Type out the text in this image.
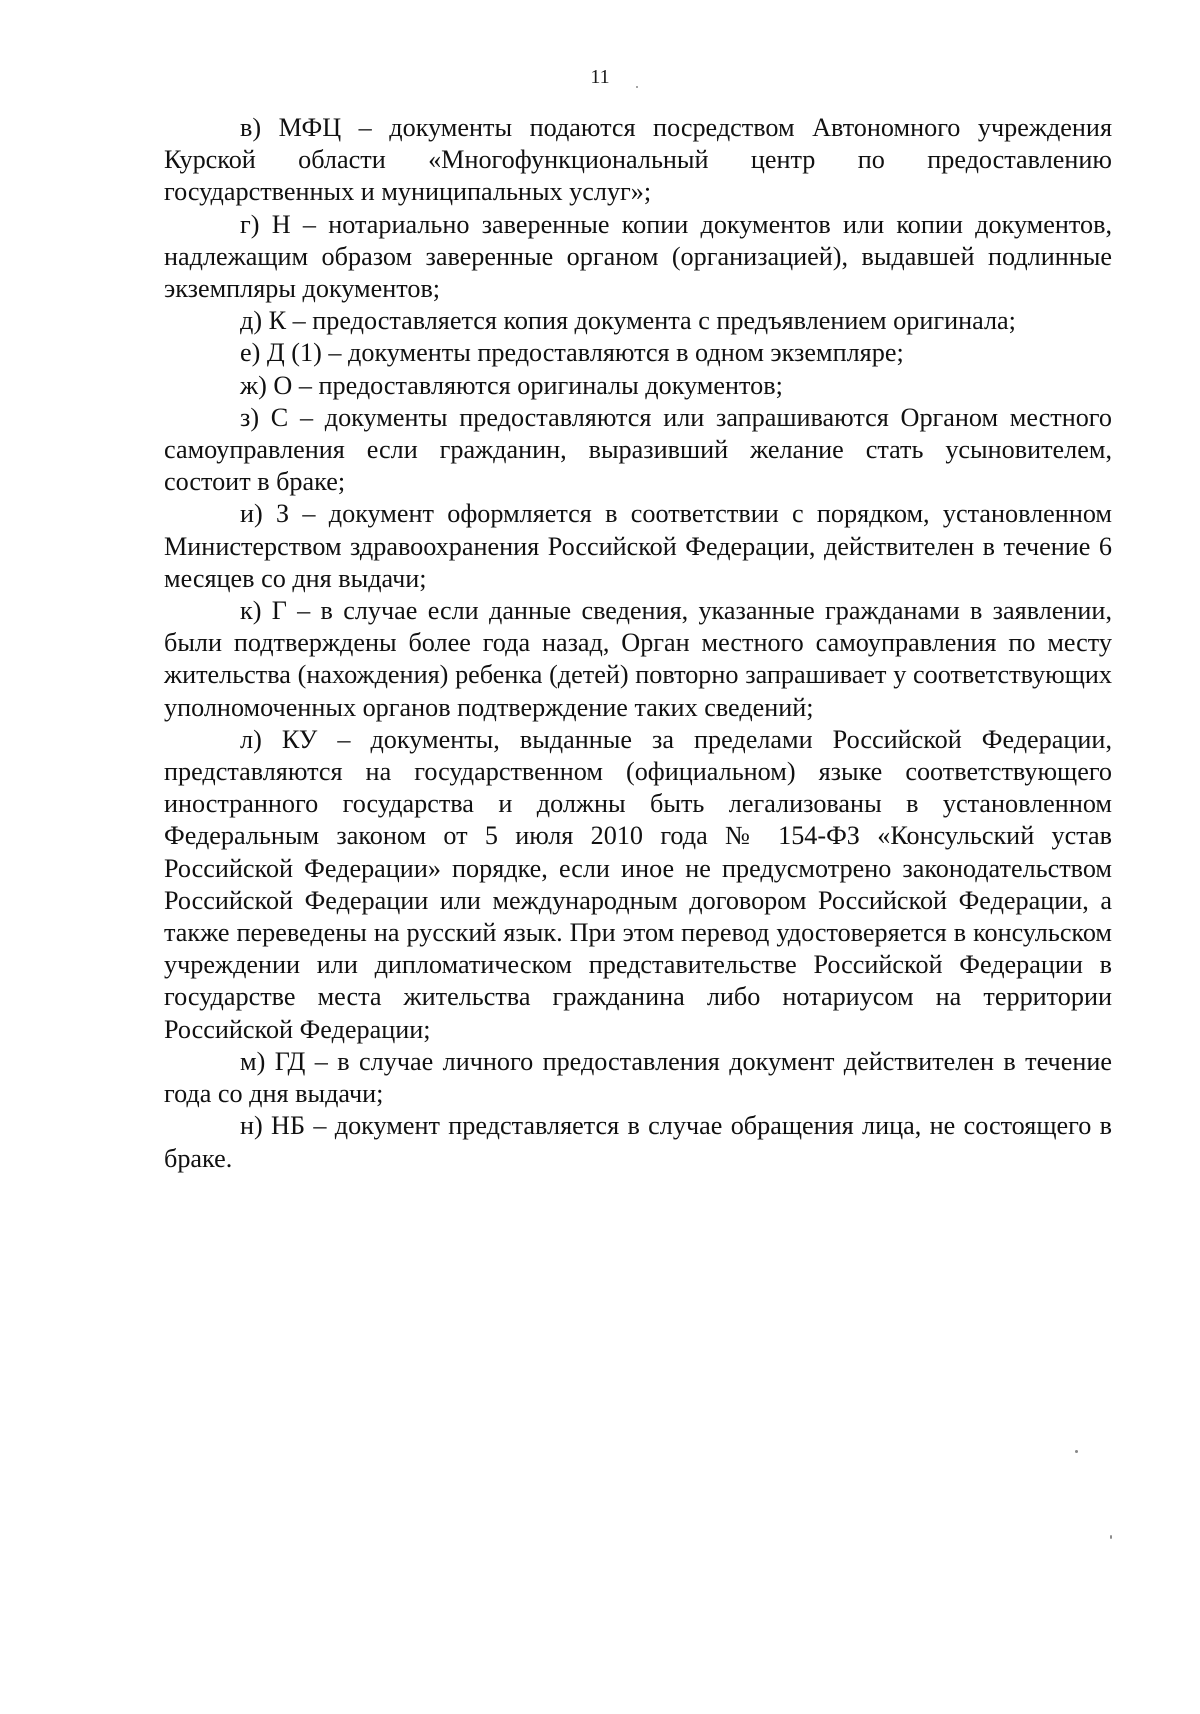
11

в) МФЦ – документы подаются посредством Автономного учреждения Курской области «Многофункциональный центр по предоставлению государственных и муниципальных услуг»;

г) Н – нотариально заверенные копии документов или копии документов, надлежащим образом заверенные органом (организацией), выдавшей подлинные экземпляры документов;

д) К – предоставляется копия документа с предъявлением оригинала;

е) Д (1) – документы предоставляются в одном экземпляре;

ж) О – предоставляются оригиналы документов;

з) С – документы предоставляются или запрашиваются Органом местного самоуправления если гражданин, выразивший желание стать усыновителем, состоит в браке;

и) З – документ оформляется в соответствии с порядком, установленном Министерством здравоохранения Российской Федерации, действителен в течение 6 месяцев со дня выдачи;

к) Г – в случае если данные сведения, указанные гражданами в заявлении, были подтверждены более года назад, Орган местного самоуправления по месту жительства (нахождения) ребенка (детей) повторно запрашивает у соответствующих уполномоченных органов подтверждение таких сведений;

л) КУ – документы, выданные за пределами Российской Федерации, представляются на государственном (официальном) языке соответствующего иностранного государства и должны быть легализованы в установленном Федеральным законом от 5 июля 2010 года № 154-ФЗ «Консульский устав Российской Федерации» порядке, если иное не предусмотрено законодательством Российской Федерации или международным договором Российской Федерации, а также переведены на русский язык. При этом перевод удостоверяется в консульском учреждении или дипломатическом представительстве Российской Федерации в государстве места жительства гражданина либо нотариусом на территории Российской Федерации;

м) ГД – в случае личного предоставления документ действителен в течение года со дня выдачи;

н) НБ – документ представляется в случае обращения лица, не состоящего в браке.
